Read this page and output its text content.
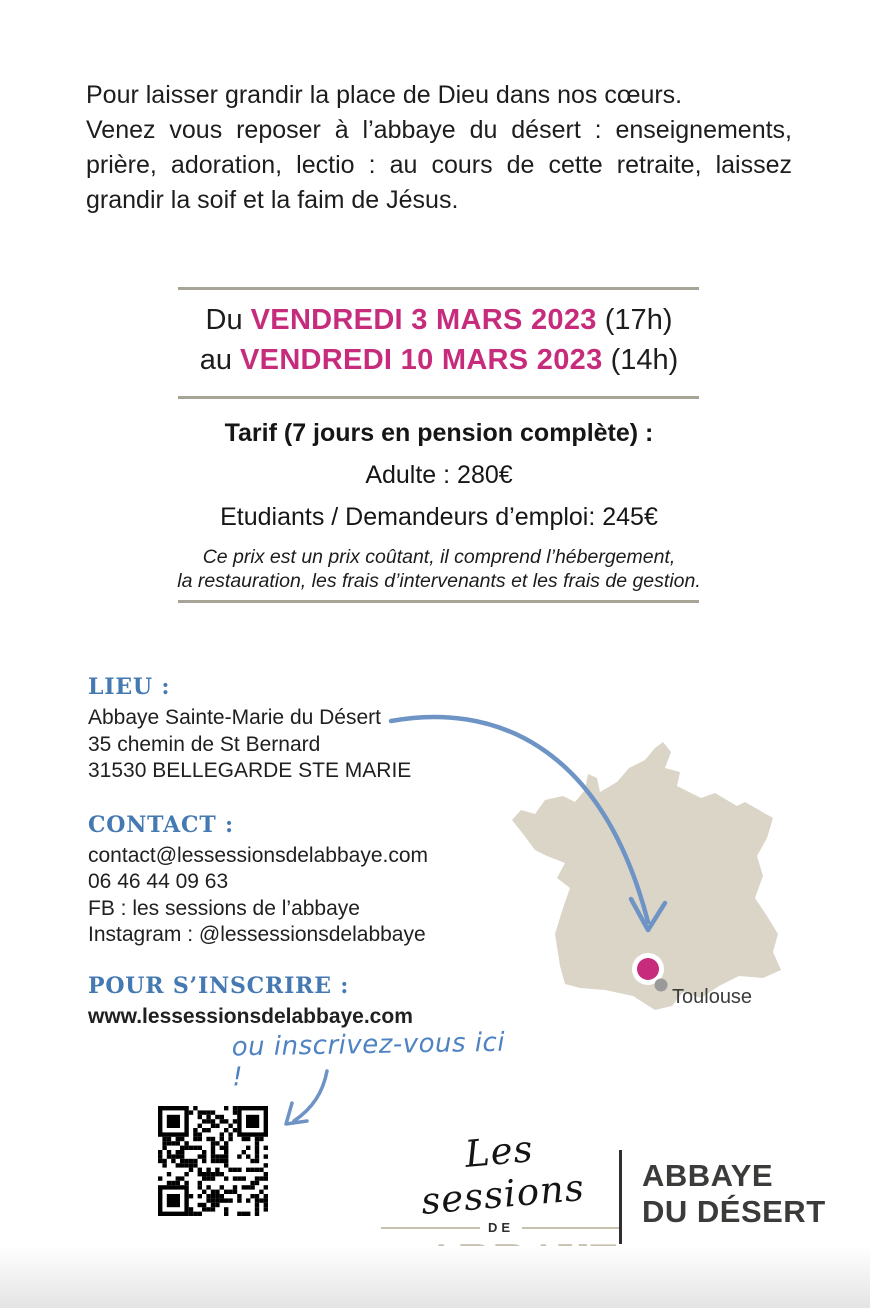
Pour laisser grandir la place de Dieu dans nos cœurs.
Venez vous reposer à l’abbaye du désert : enseignements, prière, adoration, lectio : au cours de cette retraite, laissez grandir la soif et la faim de Jésus.

Du VENDREDI 3 MARS 2023 (17h)
au VENDREDI 10 MARS 2023 (14h)

Tarif (7 jours en pension complète) :

Adulte : 280€

Etudiants / Demandeurs d’emploi: 245€

Ce prix est un prix coûtant, il comprend l’hébergement,
la restauration, les frais d’intervenants et les frais de gestion.

LIEU :

Abbaye Sainte-Marie du Désert

35 chemin de St Bernard

31530 BELLEGARDE STE MARIE

CONTACT :

contact@lessessionsdelabbaye.com

06 46 44 09 63

FB : les sessions de l’abbaye

Instagram : @lessessionsdelabbaye

POUR S’INSCRIRE :

www.lessessionsdelabbaye.com

ou inscrivez-vous ici !
Toulouse
Les sessions
DE
ABBAYE
DU DÉSERT
